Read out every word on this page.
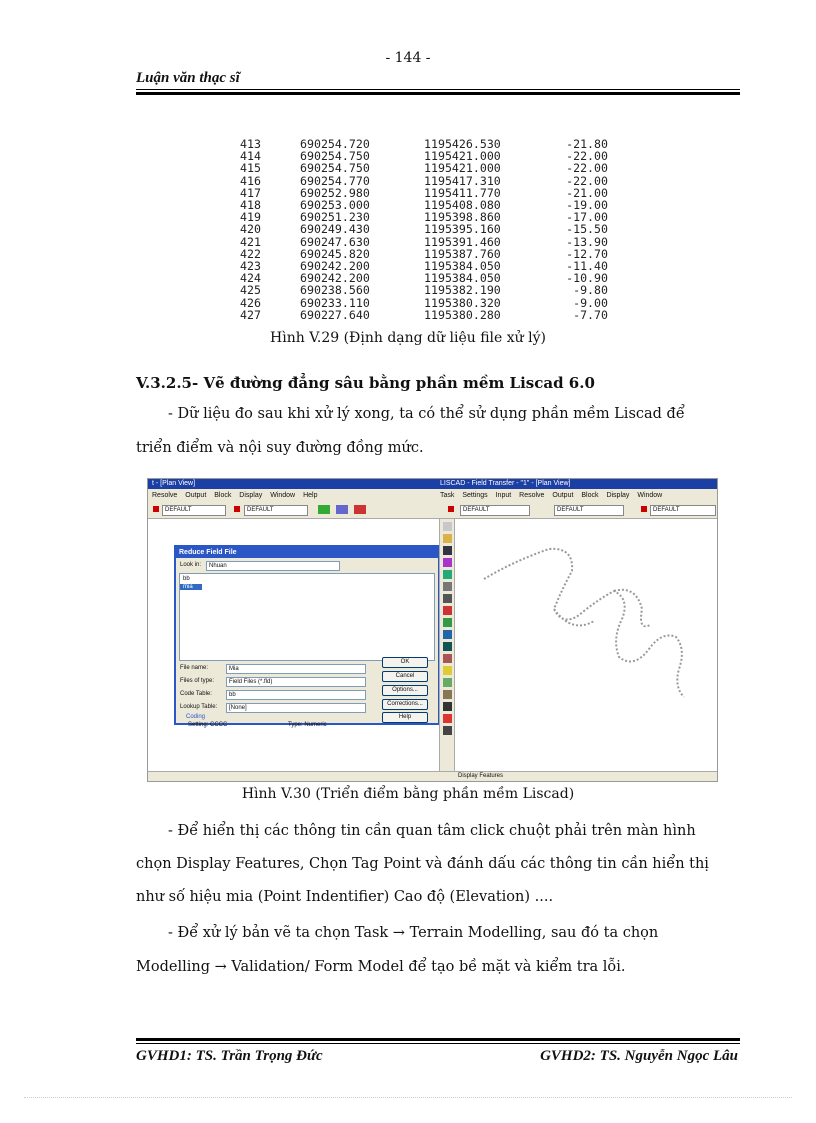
- 144 -
Luận văn thạc sĩ
413	690254.720	1195426.530	-21.80
414	690254.750	1195421.000	-22.00
415	690254.750	1195421.000	-22.00
416	690254.770	1195417.310	-22.00
417	690252.980	1195411.770	-21.00
418	690253.000	1195408.080	-19.00
419	690251.230	1195398.860	-17.00
420	690249.430	1195395.160	-15.50
421	690247.630	1195391.460	-13.90
422	690245.820	1195387.760	-12.70
423	690242.200	1195384.050	-11.40
424	690242.200	1195384.050	-10.90
425	690238.560	1195382.190	-9.80
426	690233.110	1195380.320	-9.00
427	690227.640	1195380.280	-7.70
Hình V.29 (Định dạng dữ liệu file xử lý)
V.3.2.5- Vẽ đường đẳng sâu bằng phần mềm Liscad 6.0
- Dữ liệu đo sau khi xử lý xong, ta có thể sử dụng phần mềm Liscad để
triển điểm và nội suy đường đồng mức.
t - [Plan View]	LISCAD - Field Transfer - "1" - [Plan View]
Resolve Output Block Display Window Help	Task Settings Input Resolve Output Block Display Window
DEFAULT	DEFAULT	DEFAULT	DEFAULT	DEFAULT
Reduce Field File
Look in:	Nhuan
bb
mia
File name:	Mia
Files of type:	Field Files (*.fld)
Code Table:	bb
Lookup Table:	[None]
Coding
OK
Cancel
Options...
Corrections...
Help
Setting: CCCC	Type: Numeric
Display Features
Hình V.30 (Triển điểm bằng phần mềm Liscad)
- Để hiển thị các thông tin cần quan tâm click chuột phải trên màn hình
chọn Display Features, Chọn Tag Point và đánh dấu các thông tin cần hiển thị
như số hiệu mia (Point Indentifier) Cao độ (Elevation) ....
- Để xử lý bản vẽ ta chọn Task → Terrain Modelling, sau đó ta chọn
Modelling → Validation/ Form Model để tạo bề mặt và kiểm tra lỗi.
GVHD1: TS. Trần Trọng Đức	GVHD2: TS. Nguyễn Ngọc Lâu
